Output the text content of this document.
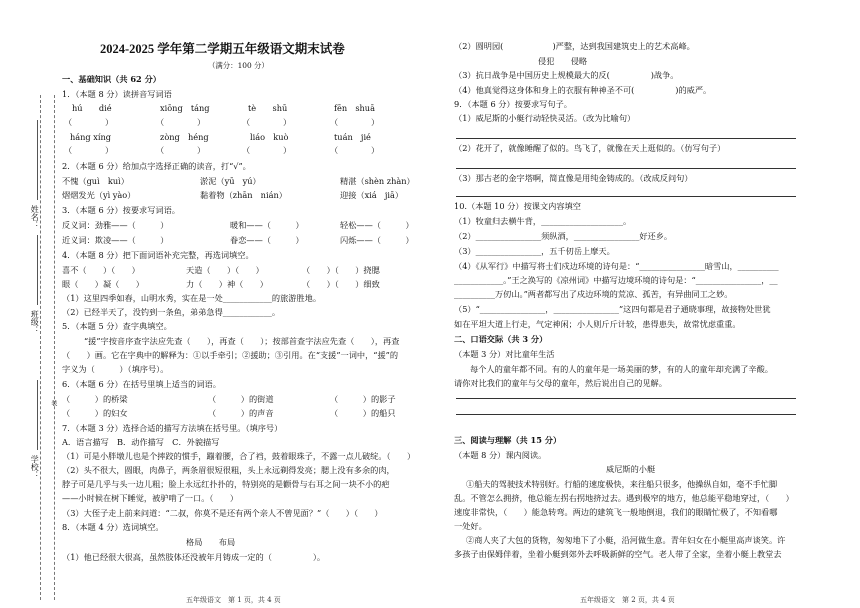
姓名：
班级：
学校：
装
2024-2025 学年第二学期五年级语文期末试卷
（满分：100 分）
一、基础知识（共 62 分）
1．（本题 8 分）读拼音写词语
hú　　dié	xiōng　táng	tè　　shū	fēn　shuā
（　　　　）	（　　　　）	（　　　　）	（　　　　）
háng xíng	zòng　héng	liáo　kuò	tuán　jié
（　　　　）	（　　　　）	（　　　　）	（　　　　）
2．（本题 6 分）给加点字选择正确的读音，打“√”。
不愧（guì　kuì）	淤泥（yū　yú）	精湛（shèn zhàn）
熠熠发光（yì yào）	黏着物（zhān　nián）	迎接（xiá　jiā）
3．（本题 6 分）按要求写词语。
反义词：劲雅——（　　　）	暖和——（　　　）	轻松——（　　　）
近义词：欺凌——（　　　）	眷恋——（　　　）	闪烁——（　　　）
4．（本题 8 分）把下面词语补充完整，再选词填空。
喜不（　　）（　　）	天造（　　）（　　）	（　　）（　　）挠腮
眼（　　）凝（　　）	力（　　）神（　　）	（　　）（　　）细致
（1）这里四季如春，山明水秀，实在是一处____________的旅游胜地。
（2）已经半天了，没钓到一条鱼，弟弟急得____________。
5．（本题 5 分）查字典填空。
“援”字按音序查字法应先查（　　），再查（　　）；按部首查字法应先查（　　），再查
（　　）画。它在字典中的解释为：①以手牵引；②援助；③引用。在“支援”一词中，“援”的
字义为（　　　）（填序号）。
6．（本题 6 分）在括号里填上适当的词语。
（　　　）的桥梁	（　　　）的街道	（　　　）的影子
（　　　）的妇女	（　　　）的声音	（　　　）的船只
7．（本题 3 分）选择合适的描写方法填在括号里。（填序号）
A．语言描写　B．动作描写　C．外貌描写
（1）可是小胖墩儿也是个摔跤的惯手，蹦着腰，合了裆，鼓着眼珠子，不露一点儿破绽。（　　）
（2）头不很大，圆眼，肉鼻子，两条眉很短很粗，头上永远剃得发亮；腮上没有多余的肉，
脖子可是几乎与头一边儿粗；脸上永远红扑扑的，特别亮的是颧骨与右耳之间一块不小的疤
——小时候在树下睡觉，被驴啃了一口。（　　）
（3）大侄子走上前来问道：“二叔，你莫不是还有两个亲人不曾见面？”（　　）（　　）
8．（本题 4 分）选词填空。
格局　　布局
（1）他已经很大很高，虽然肢体还没被年月铸成一定的（　　　　　）。
五年级语文　第 1 页，共 4 页
（2）圆明园(　　　　　　)严整，达到我国建筑史上的艺术高峰。
侵犯　　侵略
（3）抗日战争是中国历史上规模最大的反(　　　　　)战争。
（4）他真觉得这身体和身上的衣服有种神圣不可(　　　　　)的威严。
9．（本题 6 分）按要求写句子。
（1）威尼斯的小艇行动轻快灵活。（改为比喻句）
（2）花开了，就像睡醒了似的。鸟飞了，就像在天上逛似的。（仿写句子）
（3）那古老的金字塔啊，简直像是用纯金铸成的。（改成反问句）
10.（本题 10 分）按课文内容填空
（1）牧童归去横牛背，____________________。
（2）________________须纵酒，________________好还乡。
（3）________________，五千仞岳上摩天。
（4）《从军行》中描写将士们戍边环境的诗句是：“________________暗雪山，__________
____________。”王之涣写的《凉州词》中描写边境环境的诗句是：“________________，__
__________万仞山。”两者都写出了戍边环境的荒凉、孤苦，有异曲同工之妙。
（5）“________________，________________”这四句都是君子通晓事理，故接物处世犹
如在平坦大道上行走，气定神闲；小人则斤斤计较，患得患失，故常忧虑重重。
二、口语交际（共 3 分）
（本题 3 分）对比童年生活
每个人的童年都不同。有的人的童年是一场美丽的梦，有的人的童年却充满了辛酸。
请你对比我们的童年与父母的童年，然后说出自己的见解。
三、阅读与理解（共 15 分）
（本题 8 分）课内阅读。
威尼斯的小艇
①船夫的驾驶技术特别好。行船的速度极快，来往船只很多，他操纵自如，毫不手忙脚
乱。不管怎么拥挤，他总能左拐右拐地挤过去。遇到极窄的地方，他总能平稳地穿过，（　　）
速度非常快，（　　）能急转弯。两边的建筑飞一般地倒退，我们的眼睛忙极了，不知看哪
一处好。
②商人夹了大包的货物，匆匆地下了小艇，沿河做生意。青年妇女在小艇里高声谈笑。许
多孩子由保姆伴着，坐着小艇到郊外去呼吸新鲜的空气。老人带了全家，坐着小艇上教堂去
五年级语文　第 2 页，共 4 页
